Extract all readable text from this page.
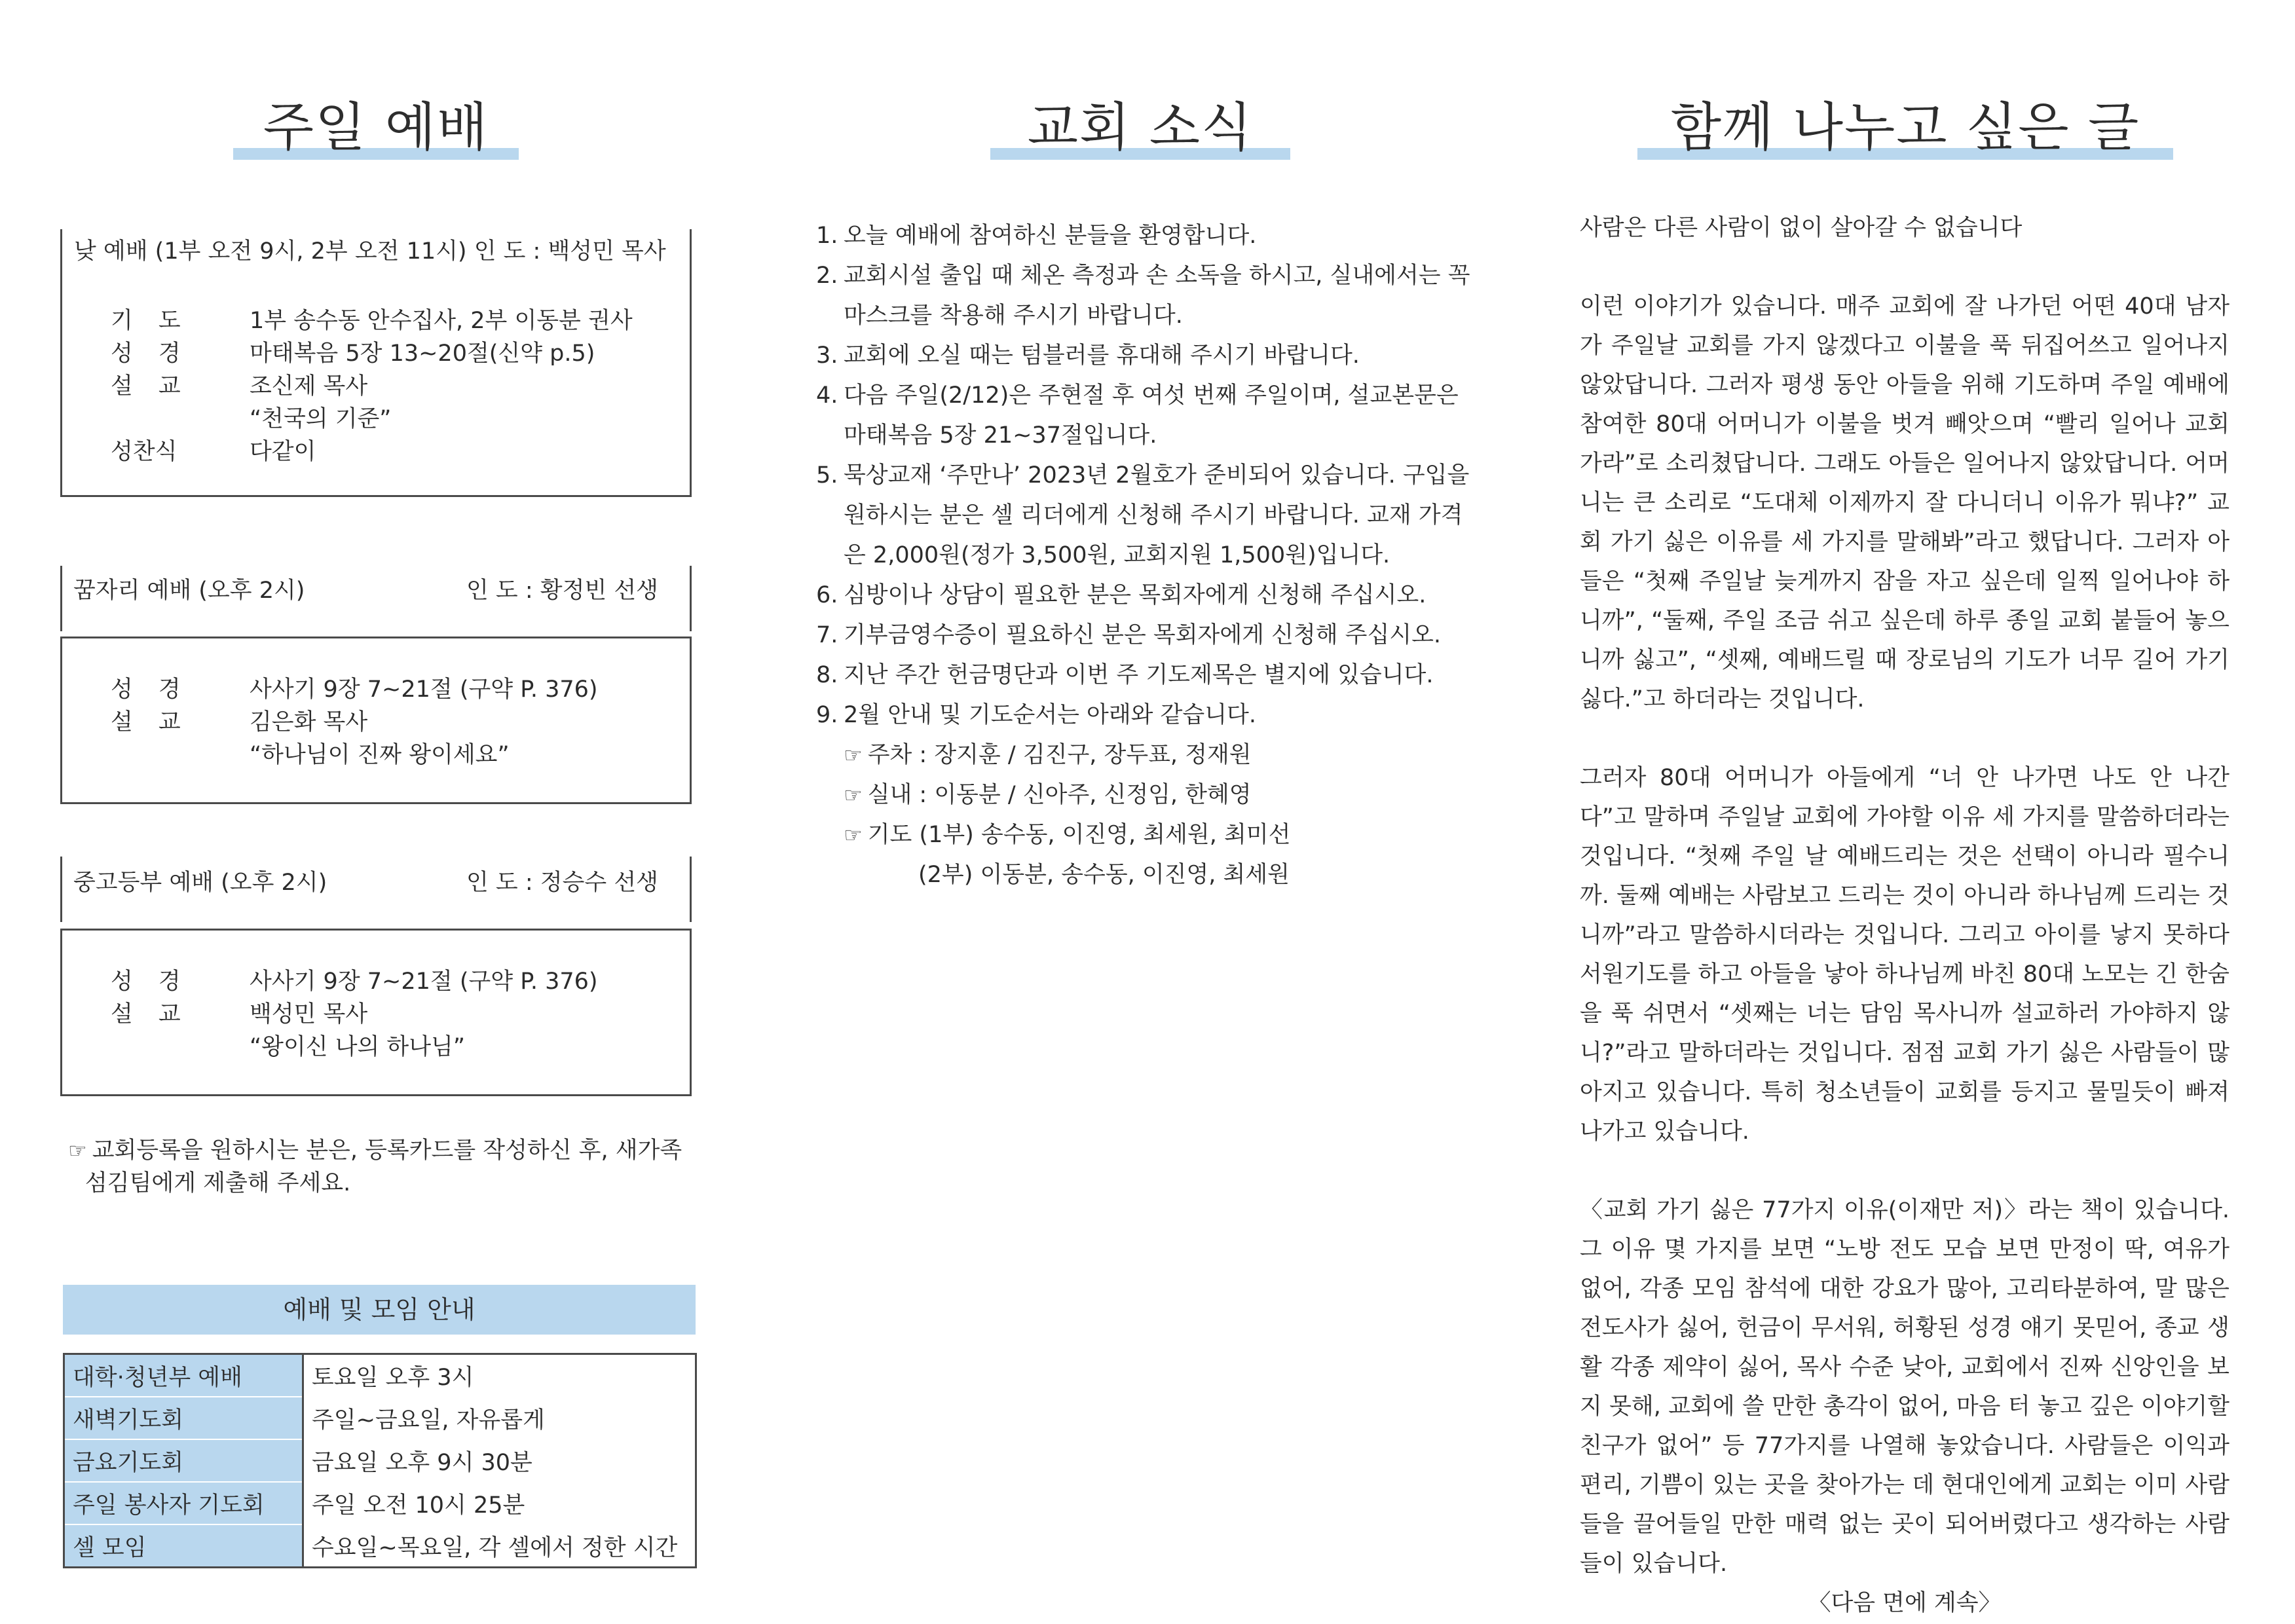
주일 예배
낮 예배 (1부 오전 9시, 2부 오전 11시) 인 도 : 백성민 목사
기 도	1부 송수동 안수집사, 2부 이동분 권사
성 경	마태복음 5장 13~20절(신약 p.5)
설 교	조신제 목사
“천국의 기준”
성찬식	다같이
꿈자리 예배 (오후 2시)	인 도 : 황정빈 선생
성 경	사사기 9장 7~21절 (구약 P. 376)
설 교	김은화 목사
“하나님이 진짜 왕이세요”
중고등부 예배 (오후 2시)	인 도 : 정승수 선생
성 경	사사기 9장 7~21절 (구약 P. 376)
설 교	백성민 목사
“왕이신 나의 하나님”
☞ 교회등록을 원하시는 분은, 등록카드를 작성하신 후, 새가족
섬김팀에게 제출해 주세요.
예배 및 모임 안내
대학·청년부 예배	토요일 오후 3시
새벽기도회	주일~금요일, 자유롭게
금요기도회	금요일 오후 9시 30분
주일 봉사자 기도회	주일 오전 10시 25분
셀 모임	수요일~목요일, 각 셀에서 정한 시간
교회 소식
1. 오늘 예배에 참여하신 분들을 환영합니다.
2. 교회시설 출입 때 체온 측정과 손 소독을 하시고, 실내에서는 꼭 마스크를 착용해 주시기 바랍니다.
3. 교회에 오실 때는 텀블러를 휴대해 주시기 바랍니다.
4. 다음 주일(2/12)은 주현절 후 여섯 번째 주일이며, 설교본문은 마태복음 5장 21~37절입니다.
5. 묵상교재 ‘주만나’ 2023년 2월호가 준비되어 있습니다. 구입을 원하시는 분은 셀 리더에게 신청해 주시기 바랍니다. 교재 가격은 2,000원(정가 3,500원, 교회지원 1,500원)입니다.
6. 심방이나 상담이 필요한 분은 목회자에게 신청해 주십시오.
7. 기부금영수증이 필요하신 분은 목회자에게 신청해 주십시오.
8. 지난 주간 헌금명단과 이번 주 기도제목은 별지에 있습니다.
9. 2월 안내 및 기도순서는 아래와 같습니다.
☞ 주차 : 장지훈 / 김진구, 장두표, 정재원
☞ 실내 : 이동분 / 신아주, 신정임, 한혜영
☞ 기도 (1부) 송수동, 이진영, 최세원, 최미선
(2부) 이동분, 송수동, 이진영, 최세원
함께 나누고 싶은 글

사람은 다른 사람이 없이 살아갈 수 없습니다

이런 이야기가 있습니다. 매주 교회에 잘 나가던 어떤 40대 남자가 주일날 교회를 가지 않겠다고 이불을 푹 뒤집어쓰고 일어나지 않았답니다. 그러자 평생 동안 아들을 위해 기도하며 주일 예배에 참여한 80대 어머니가 이불을 벗겨 빼앗으며 “빨리 일어나 교회 가라”로 소리쳤답니다. 그래도 아들은 일어나지 않았답니다. 어머니는 큰 소리로 “도대체 이제까지 잘 다니더니 이유가 뭐냐?” 교회 가기 싫은 이유를 세 가지를 말해봐”라고 했답니다. 그러자 아들은 “첫째 주일날 늦게까지 잠을 자고 싶은데 일찍 일어나야 하니까”, “둘째, 주일 조금 쉬고 싶은데 하루 종일 교회 붙들어 놓으니까 싫고”, “셋째, 예배드릴 때 장로님의 기도가 너무 길어 가기 싫다.”고 하더라는 것입니다.

그러자 80대 어머니가 아들에게 “너 안 나가면 나도 안 나간다”고 말하며 주일날 교회에 가야할 이유 세 가지를 말씀하더라는 것입니다. “첫째 주일 날 예배드리는 것은 선택이 아니라 필수니까. 둘째 예배는 사람보고 드리는 것이 아니라 하나님께 드리는 것니까”라고 말씀하시더라는 것입니다. 그리고 아이를 낳지 못하다 서원기도를 하고 아들을 낳아 하나님께 바친 80대 노모는 긴 한숨을 푹 쉬면서 “셋째는 너는 담임 목사니까 설교하러 가야하지 않니?”라고 말하더라는 것입니다. 점점 교회 가기 싫은 사람들이 많아지고 있습니다. 특히 청소년들이 교회를 등지고 물밀듯이 빠져나가고 있습니다.

〈교회 가기 싫은 77가지 이유(이재만 저)〉라는 책이 있습니다. 그 이유 몇 가지를 보면 “노방 전도 모습 보면 만정이 딱, 여유가 없어, 각종 모임 참석에 대한 강요가 많아, 고리타분하여, 말 많은 전도사가 싫어, 헌금이 무서워, 허황된 성경 얘기 못믿어, 종교 생활 각종 제약이 싫어, 목사 수준 낮아, 교회에서 진짜 신앙인을 보지 못해, 교회에 쓸 만한 총각이 없어, 마음 터 놓고 깊은 이야기할 친구가 없어” 등 77가지를 나열해 놓았습니다. 사람들은 이익과 편리, 기쁨이 있는 곳을 찾아가는 데 현대인에게 교회는 이미 사람들을 끌어들일 만한 매력 없는 곳이 되어버렸다고 생각하는 사람들이 있습니다.

〈다음 면에 계속〉
